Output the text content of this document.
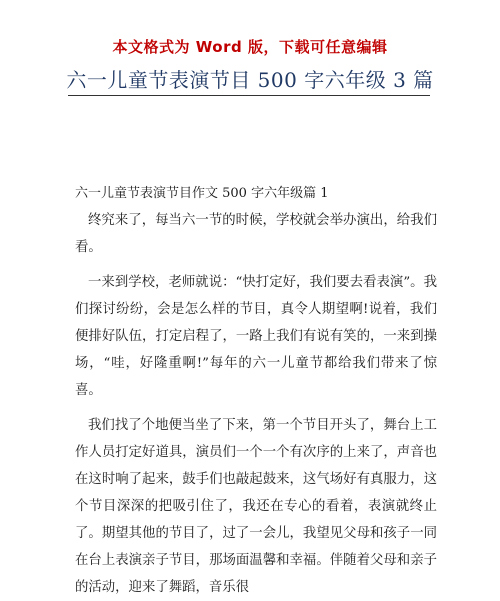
本文格式为 Word 版，下载可任意编辑
六一儿童节表演节目 500 字六年级 3 篇
六一儿童节表演节目作文 500 字六年级篇 1

终究来了，每当六一节的时候，学校就会举办演出，给我们看。

一来到学校，老师就说：“快打定好，我们要去看表演”。我们探讨纷纷，会是怎么样的节目，真令人期望啊!说着，我们便排好队伍，打定启程了，一路上我们有说有笑的，一来到操场，“哇，好隆重啊!”每年的六一儿童节都给我们带来了惊喜。

我们找了个地便当坐了下来，第一个节目开头了，舞台上工作人员打定好道具，演员们一个一个有次序的上来了，声音也在这时响了起来，鼓手们也敲起鼓来，这气场好有真服力，这个节目深深的把吸引住了，我还在专心的看着，表演就终止了。期望其他的节目了，过了一会儿，我望见父母和孩子一同在台上表演亲子节目，那场面温馨和幸福。伴随着父母和亲子的活动，迎来了舞蹈，音乐很
